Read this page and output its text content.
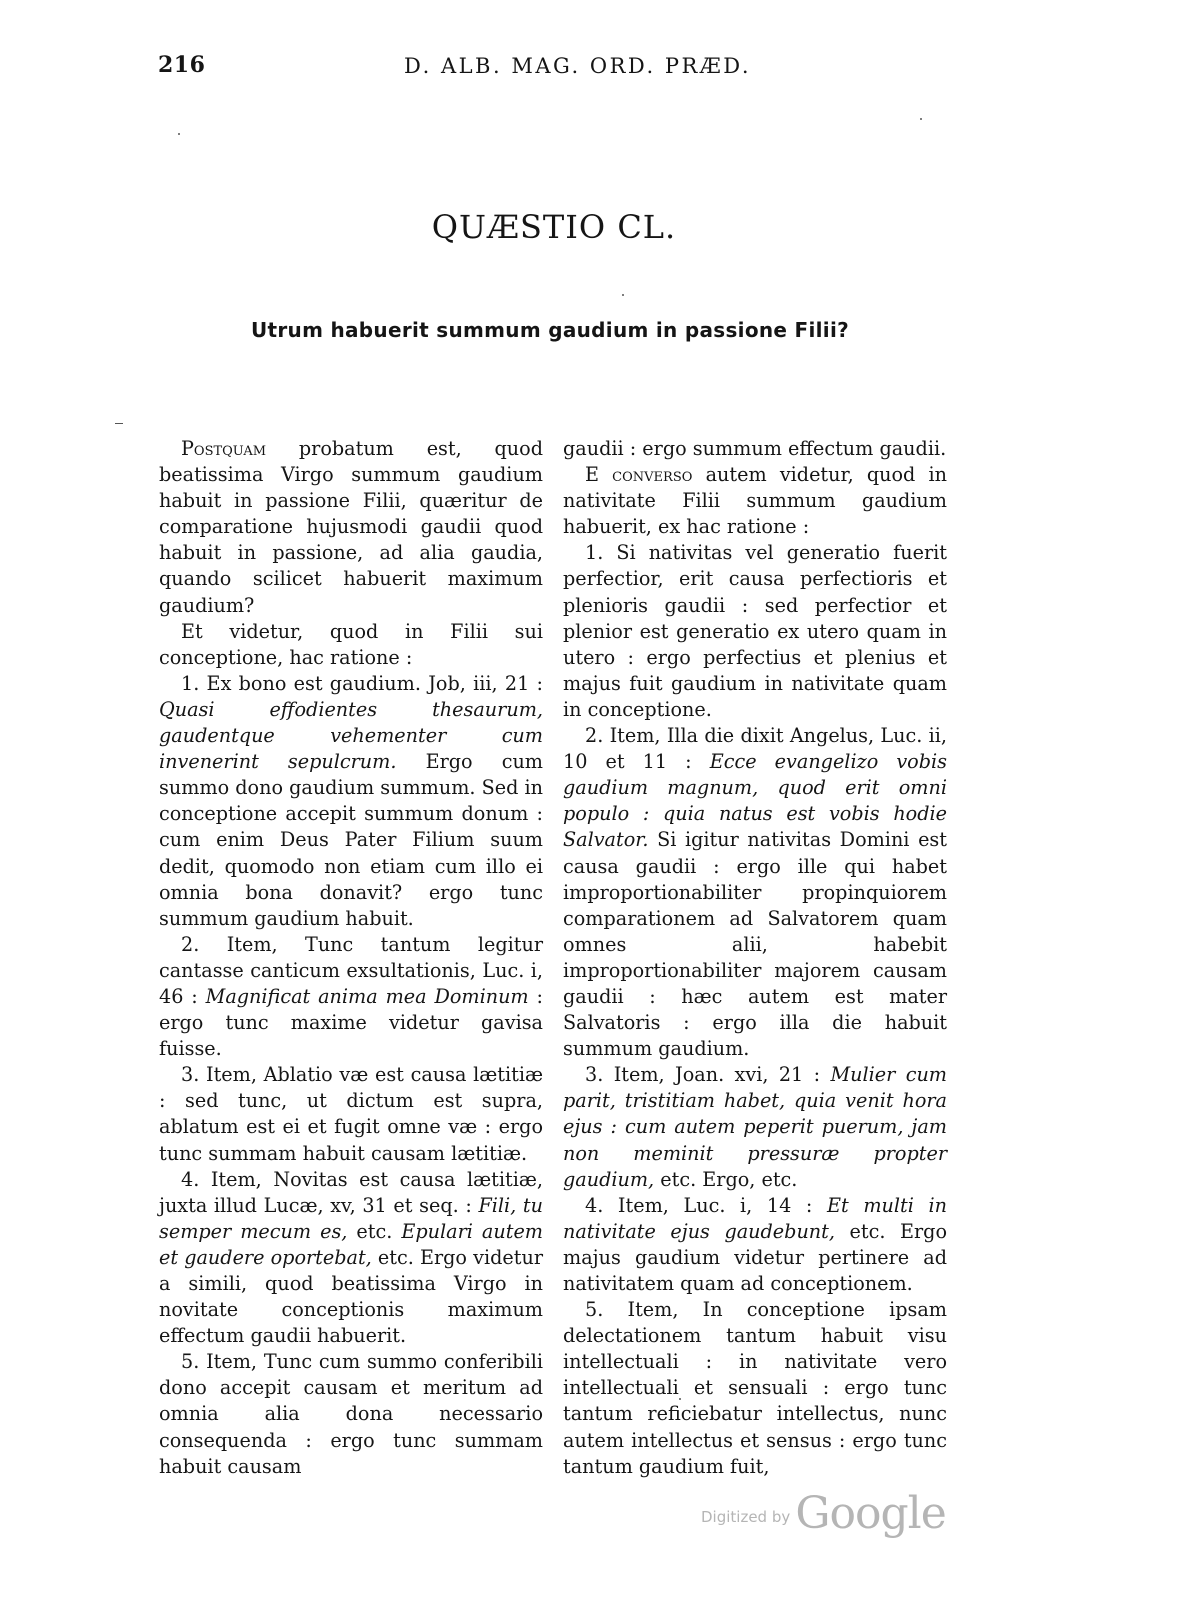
216	D. ALB. MAG. ORD. PRÆD.
QUÆSTIO CL.
Utrum habuerit summum gaudium in passione Filii?

Postquam probatum est, quod beatissima Virgo summum gaudium habuit in passione Filii, quæritur de comparatione hujusmodi gaudii quod habuit in passione, ad alia gaudia, quando scilicet habuerit maximum gaudium?

Et videtur, quod in Filii sui conceptione, hac ratione :

1. Ex bono est gaudium. Job, iii, 21 : Quasi effodientes thesaurum, gaudentque vehementer cum invenerint sepulcrum. Ergo cum summo dono gaudium summum. Sed in conceptione accepit summum donum : cum enim Deus Pater Filium suum dedit, quomodo non etiam cum illo ei omnia bona donavit? ergo tunc summum gaudium habuit.

2. Item, Tunc tantum legitur cantasse canticum exsultationis, Luc. i, 46 : Magnificat anima mea Dominum : ergo tunc maxime videtur gavisa fuisse.

3. Item, Ablatio væ est causa lætitiæ : sed tunc, ut dictum est supra, ablatum est ei et fugit omne væ : ergo tunc summam habuit causam lætitiæ.

4. Item, Novitas est causa lætitiæ, juxta illud Lucæ, xv, 31 et seq. : Fili, tu semper mecum es, etc. Epulari autem et gaudere oportebat, etc. Ergo videtur a simili, quod beatissima Virgo in novitate conceptionis maximum effectum gaudii habuerit.

5. Item, Tunc cum summo conferibili dono accepit causam et meritum ad omnia alia dona necessario consequenda : ergo tunc summam habuit causam

gaudii : ergo summum effectum gaudii.

E converso autem videtur, quod in nativitate Filii summum gaudium habuerit, ex hac ratione :

1. Si nativitas vel generatio fuerit perfectior, erit causa perfectioris et plenioris gaudii : sed perfectior et plenior est generatio ex utero quam in utero : ergo perfectius et plenius et majus fuit gaudium in nativitate quam in conceptione.

2. Item, Illa die dixit Angelus, Luc. ii, 10 et 11 : Ecce evangelizo vobis gaudium magnum, quod erit omni populo : quia natus est vobis hodie Salvator. Si igitur nativitas Domini est causa gaudii : ergo ille qui habet improportionabiliter propinquiorem comparationem ad Salvatorem quam omnes alii, habebit improportionabiliter majorem causam gaudii : hæc autem est mater Salvatoris : ergo illa die habuit summum gaudium.

3. Item, Joan. xvi, 21 : Mulier cum parit, tristitiam habet, quia venit hora ejus : cum autem peperit puerum, jam non meminit pressuræ propter gaudium, etc. Ergo, etc.

4. Item, Luc. i, 14 : Et multi in nativitate ejus gaudebunt, etc. Ergo majus gaudium videtur pertinere ad nativitatem quam ad conceptionem.

5. Item, In conceptione ipsam delectationem tantum habuit visu intellectuali : in nativitate vero intellectuali et sensuali : ergo tunc tantum reficiebatur intellectus, nunc autem intellectus et sensus : ergo tunc tantum gaudium fuit,

Digitized by Google
